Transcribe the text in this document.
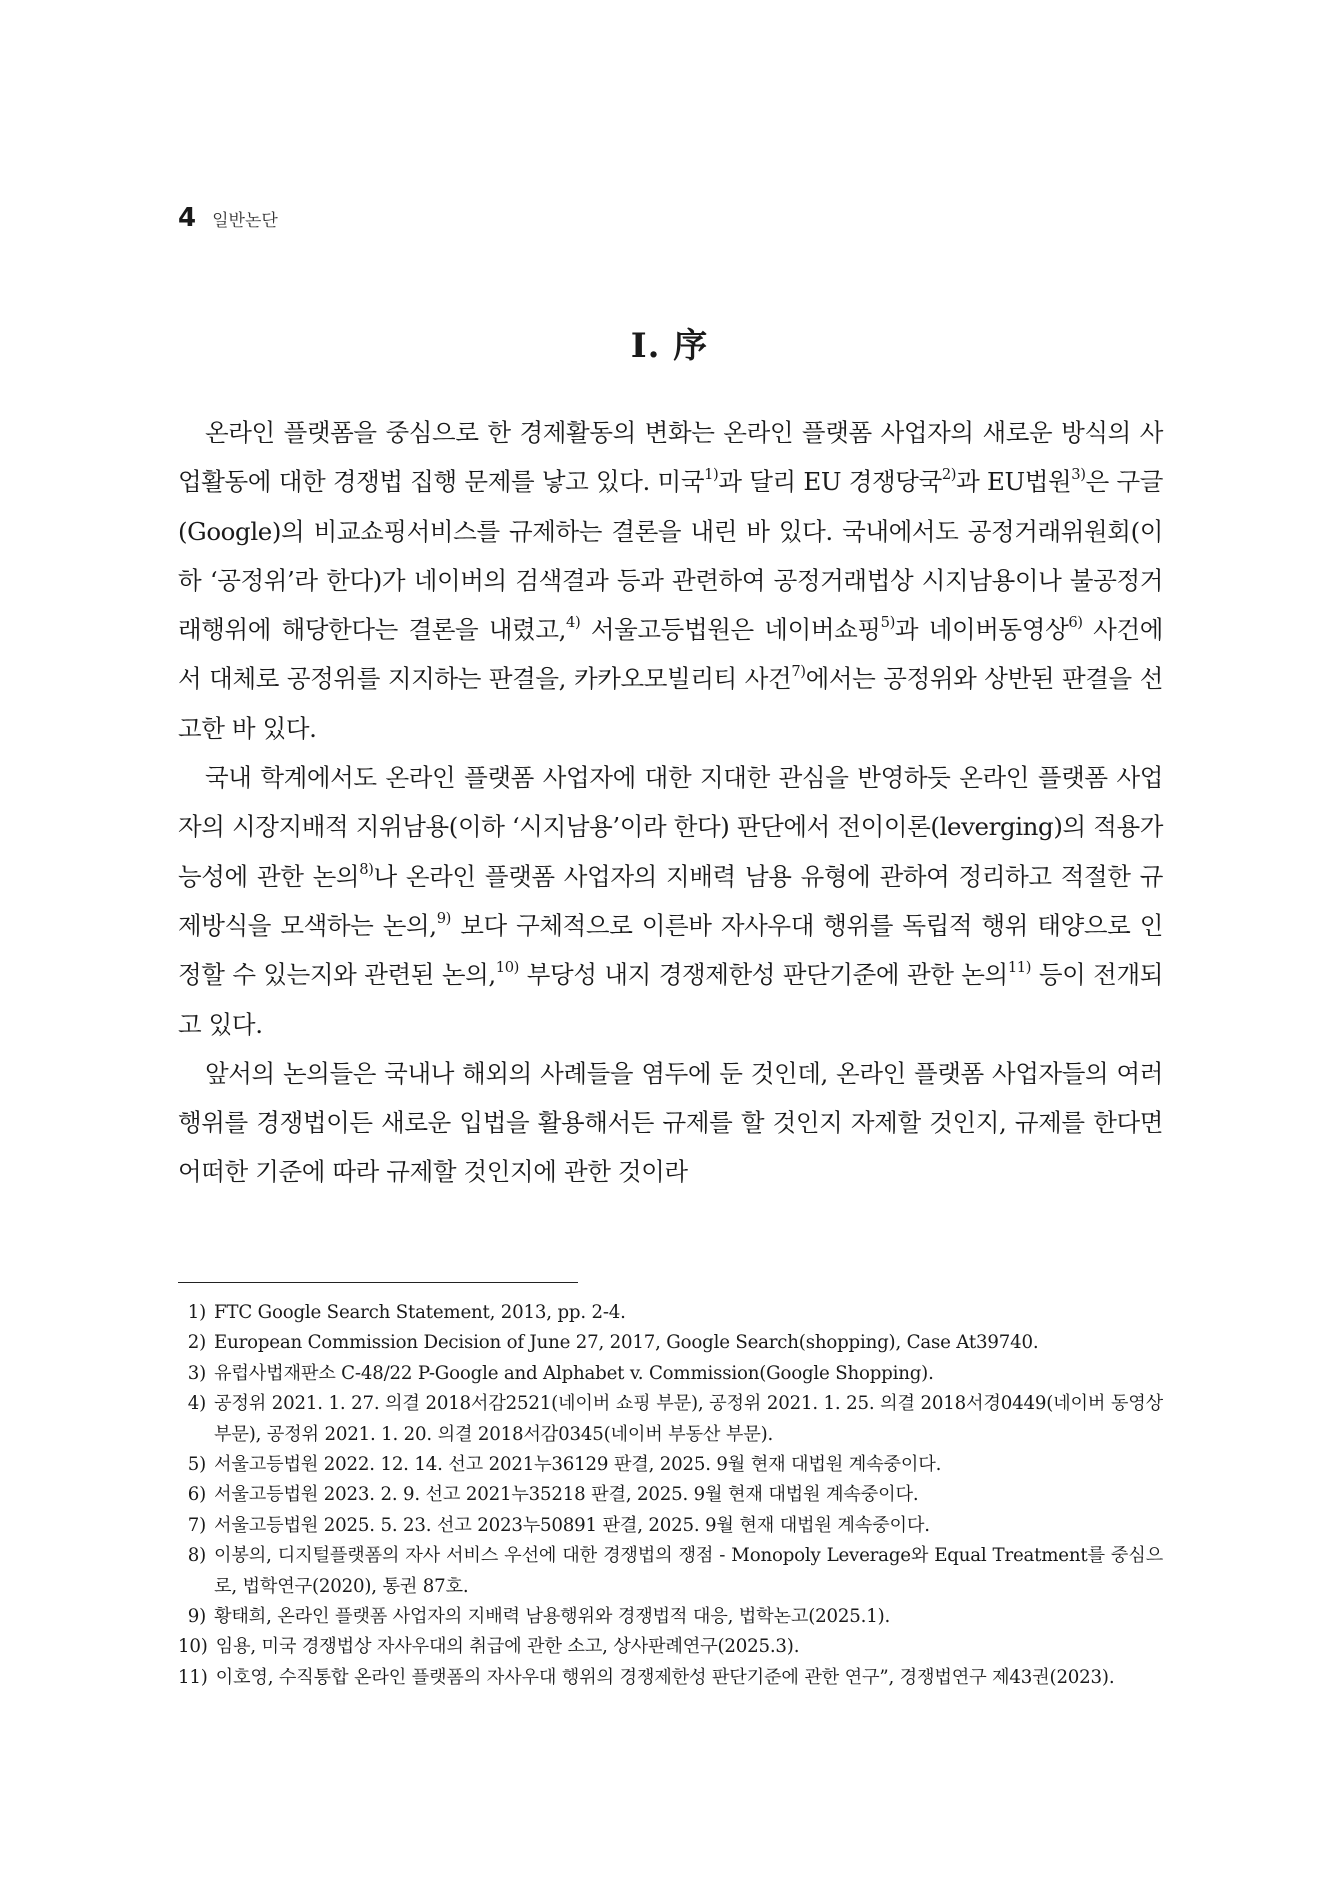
4 일반논단
Ⅰ. 序

온라인 플랫폼을 중심으로 한 경제활동의 변화는 온라인 플랫폼 사업자의 새로운 방식의 사업활동에 대한 경쟁법 집행 문제를 낳고 있다. 미국$^{1)}$과 달리 EU 경쟁당국$^{2)}$과 EU법원$^{3)}$은 구글(Google)의 비교쇼핑서비스를 규제하는 결론을 내린 바 있다. 국내에서도 공정거래위원회(이하 ‘공정위’라 한다)가 네이버의 검색결과 등과 관련하여 공정거래법상 시지남용이나 불공정거래행위에 해당한다는 결론을 내렸고,$^{4)}$ 서울고등법원은 네이버쇼핑$^{5)}$과 네이버동영상$^{6)}$ 사건에서 대체로 공정위를 지지하는 판결을, 카카오모빌리티 사건$^{7)}$에서는 공정위와 상반된 판결을 선고한 바 있다.

국내 학계에서도 온라인 플랫폼 사업자에 대한 지대한 관심을 반영하듯 온라인 플랫폼 사업자의 시장지배적 지위남용(이하 ‘시지남용’이라 한다) 판단에서 전이이론(leverging)의 적용가능성에 관한 논의$^{8)}$나 온라인 플랫폼 사업자의 지배력 남용 유형에 관하여 정리하고 적절한 규제방식을 모색하는 논의,$^{9)}$ 보다 구체적으로 이른바 자사우대 행위를 독립적 행위 태양으로 인정할 수 있는지와 관련된 논의,$^{10)}$ 부당성 내지 경쟁제한성 판단기준에 관한 논의$^{11)}$ 등이 전개되고 있다.

앞서의 논의들은 국내나 해외의 사례들을 염두에 둔 것인데, 온라인 플랫폼 사업자들의 여러 행위를 경쟁법이든 새로운 입법을 활용해서든 규제를 할 것인지 자제할 것인지, 규제를 한다면 어떠한 기준에 따라 규제할 것인지에 관한 것이라

1) FTC Google Search Statement, 2013, pp. 2-4.
2) European Commission Decision of June 27, 2017, Google Search(shopping), Case At39740.
3) 유럽사법재판소 C-48/22 P-Google and Alphabet v. Commission(Google Shopping).
4) 공정위 2021. 1. 27. 의결 2018서감2521(네이버 쇼핑 부문), 공정위 2021. 1. 25. 의결 2018서경0449(네이버 동영상 부문), 공정위 2021. 1. 20. 의결 2018서감0345(네이버 부동산 부문).
5) 서울고등법원 2022. 12. 14. 선고 2021누36129 판결, 2025. 9월 현재 대법원 계속중이다.
6) 서울고등법원 2023. 2. 9. 선고 2021누35218 판결, 2025. 9월 현재 대법원 계속중이다.
7) 서울고등법원 2025. 5. 23. 선고 2023누50891 판결, 2025. 9월 현재 대법원 계속중이다.
8) 이봉의, 디지털플랫폼의 자사 서비스 우선에 대한 경쟁법의 쟁점 - Monopoly Leverage와 Equal Treatment를 중심으로, 법학연구(2020), 통권 87호.
9) 황태희, 온라인 플랫폼 사업자의 지배력 남용행위와 경쟁법적 대응, 법학논고(2025.1).
10) 임용, 미국 경쟁법상 자사우대의 취급에 관한 소고, 상사판례연구(2025.3).
11) 이호영, 수직통합 온라인 플랫폼의 자사우대 행위의 경쟁제한성 판단기준에 관한 연구”, 경쟁법연구 제43권(2023).
